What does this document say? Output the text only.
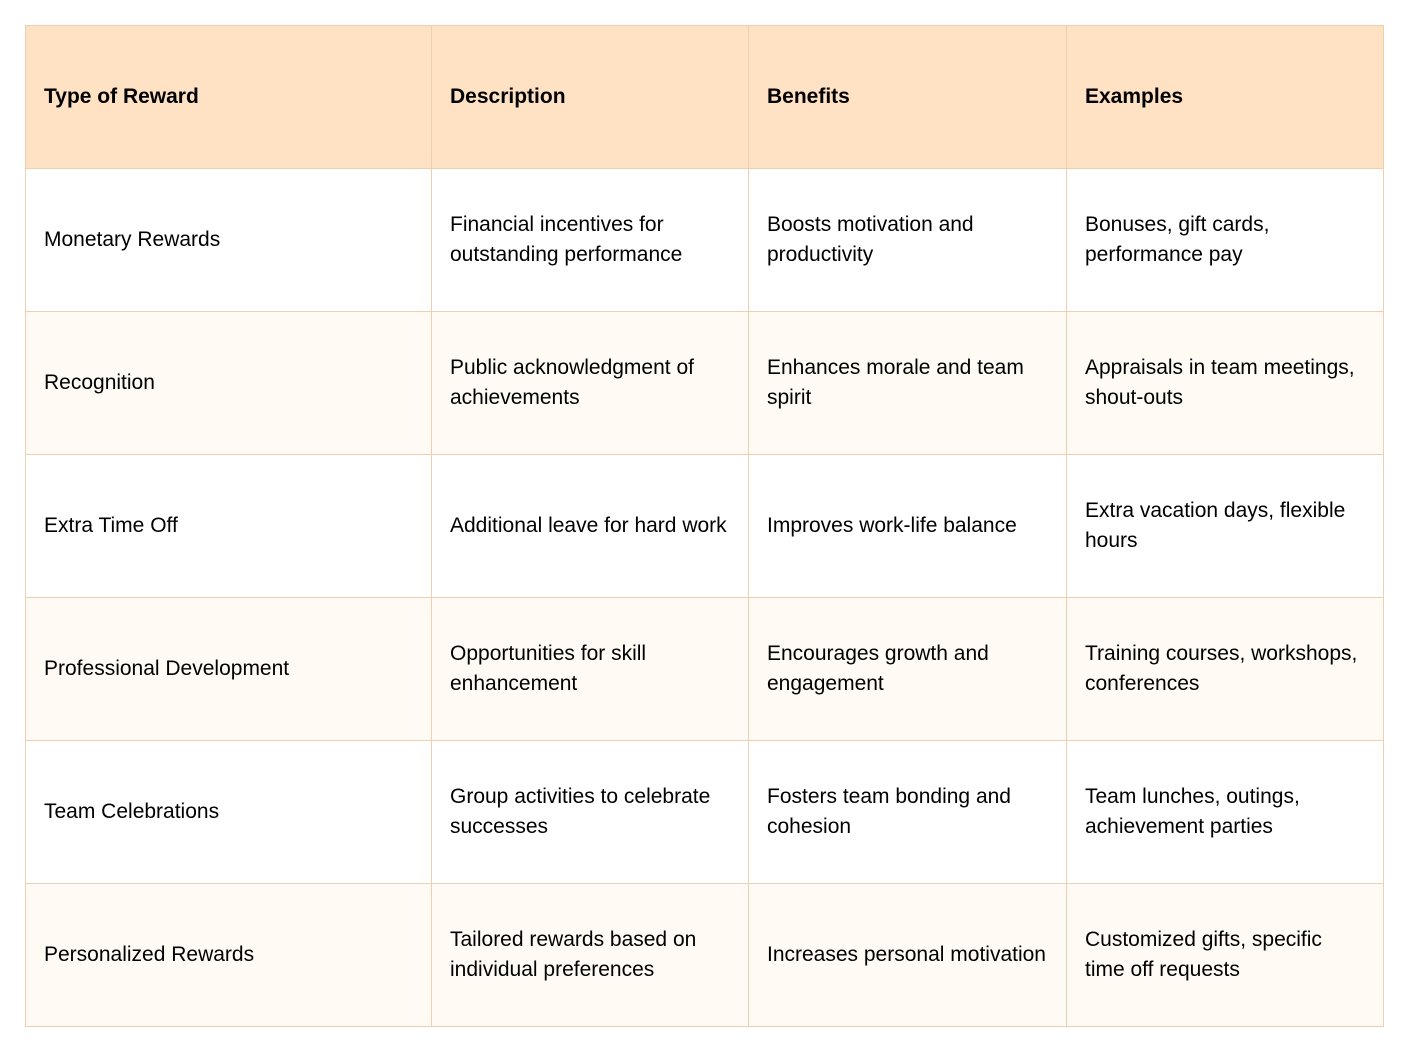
Type of Reward	Description	Benefits	Examples
Monetary Rewards	Financial incentives for outstanding performance	Boosts motivation and productivity	Bonuses, gift cards, performance pay
Recognition	Public acknowledgment of achievements	Enhances morale and team spirit	Appraisals in team meetings, shout-outs
Extra Time Off	Additional leave for hard work	Improves work-life balance	Extra vacation days, flexible hours
Professional Development	Opportunities for skill enhancement	Encourages growth and engagement	Training courses, workshops, conferences
Team Celebrations	Group activities to celebrate successes	Fosters team bonding and cohesion	Team lunches, outings, achievement parties
Personalized Rewards	Tailored rewards based on individual preferences	Increases personal motivation	Customized gifts, specific time off requests
